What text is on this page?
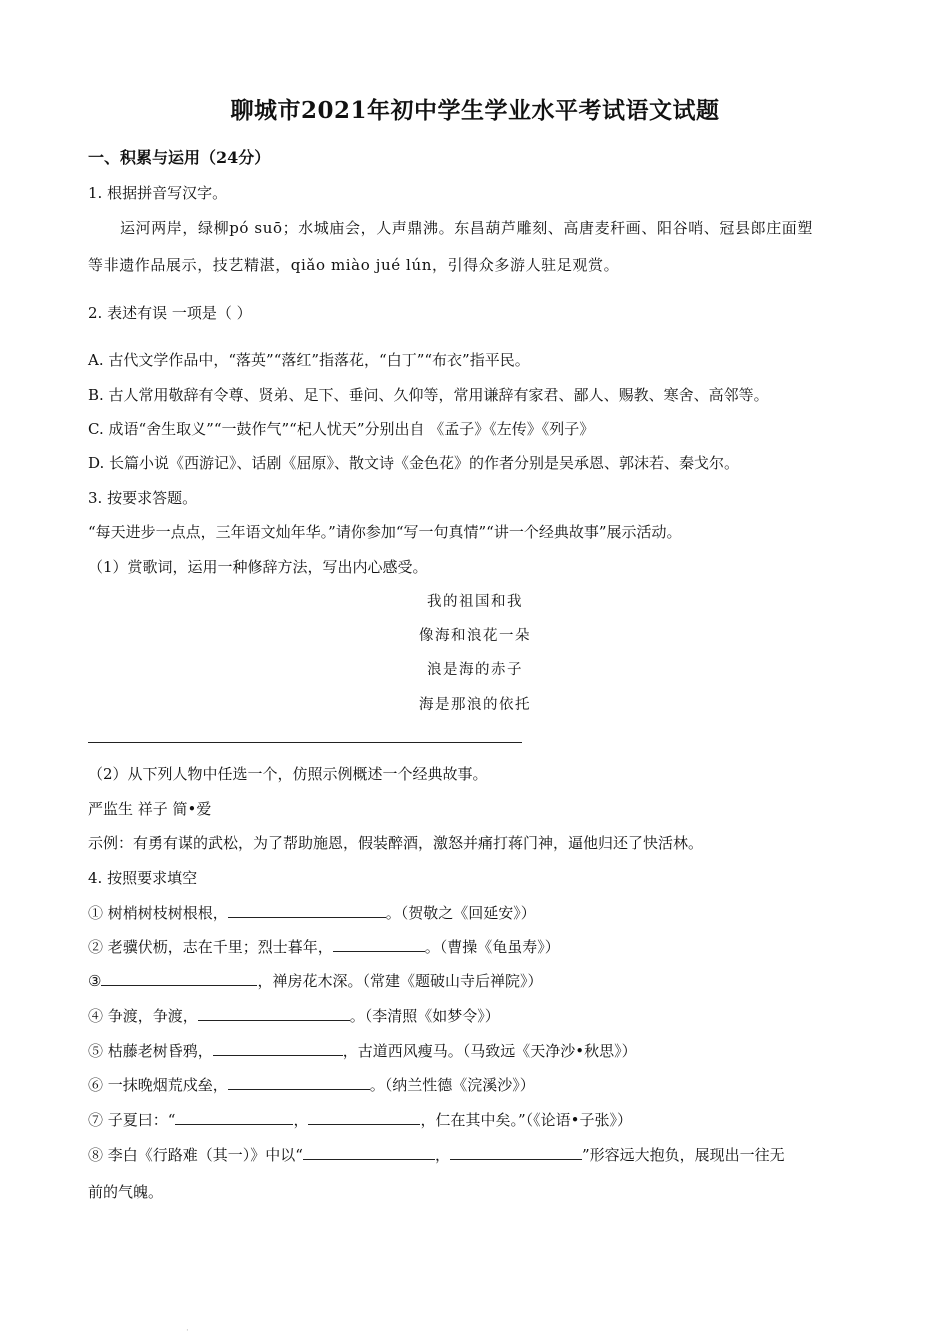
聊城市2021年初中学生学业水平考试语文试题
一、积累与运用（24分）
1. 根据拼音写汉字。
运河两岸，绿柳pó suō；水城庙会，人声鼎沸。东昌葫芦雕刻、高唐麦秆画、阳谷哨、冠县郎庄面塑
等非遗作品展示，技艺精湛，qiǎo miào jué lún，引得众多游人驻足观赏。
2. 表述有误 一项是（ ）
A. 古代文学作品中，“落英”“落红”指落花，“白丁”“布衣”指平民。
B. 古人常用敬辞有令尊、贤弟、足下、垂问、久仰等，常用谦辞有家君、鄙人、赐教、寒舍、高邻等。
C. 成语“舍生取义”“一鼓作气”“杞人忧天”分别出自 《孟子》《左传》《列子》
D. 长篇小说《西游记》、话剧《屈原》、散文诗《金色花》的作者分别是吴承恩、郭沫若、秦戈尔。
3. 按要求答题。
“每天进步一点点，三年语文灿年华。”请你参加“写一句真情”“讲一个经典故事”展示活动。
（1）赏歌词，运用一种修辞方法，写出内心感受。
我的祖国和我
像海和浪花一朵
浪是海的赤子
海是那浪的依托
（2）从下列人物中任选一个，仿照示例概述一个经典故事。
严监生 祥子 简•爱
示例：有勇有谋的武松，为了帮助施恩，假装醉酒，激怒并痛打蒋门神，逼他归还了快活林。
4. 按照要求填空
① 树梢树枝树根根，	。（贺敬之《回延安》）
② 老骥伏枥，志在千里；烈士暮年，	。（曹操《龟虽寿》）
③	，禅房花木深。（常建《题破山寺后禅院》）
④ 争渡，争渡，	。（李清照《如梦令》）
⑤ 枯藤老树昏鸦，	，古道西风瘦马。（马致远《天净沙•秋思》）
⑥ 一抹晚烟荒戍垒，	。（纳兰性德《浣溪沙》）
⑦ 子夏曰：“	，	，仁在其中矣。”（《论语•子张》）
⑧ 李白《行路难（其一）》中以“	，	”形容远大抱负，展现出一往无
前的气魄。
·
